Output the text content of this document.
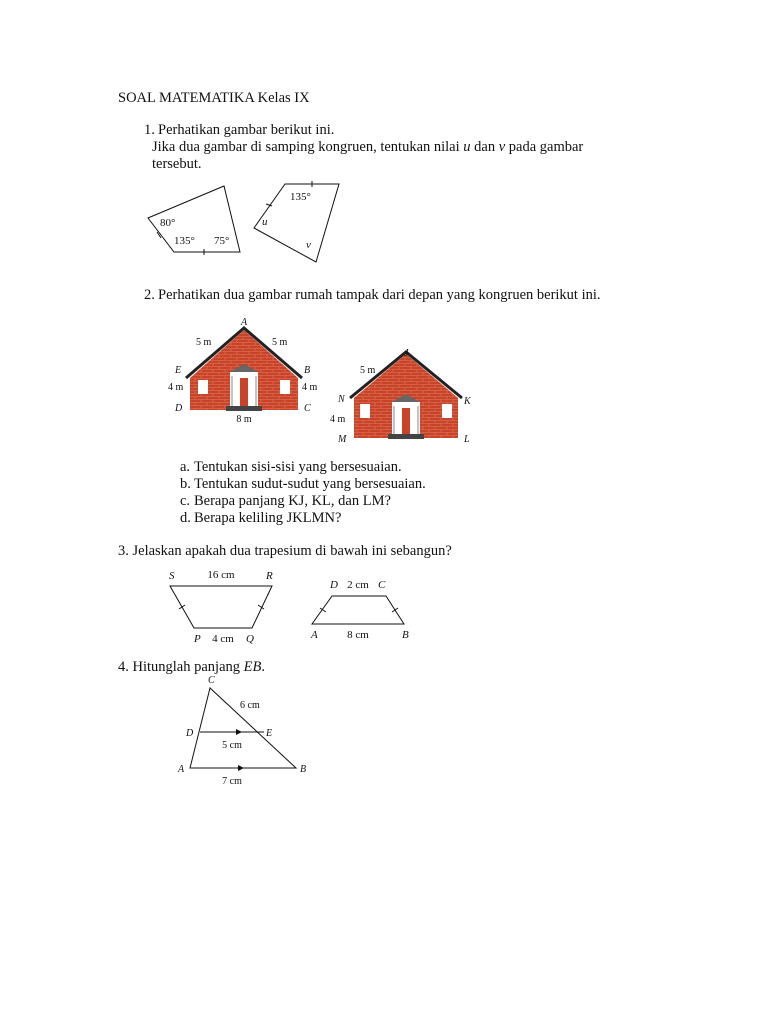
SOAL MATEMATIKA Kelas IX
1. Perhatikan gambar berikut ini.
Jika dua gambar di samping kongruen, tentukan nilai u dan v pada gambar
tersebut.
80°
135° 75°
135°
u
v
2. Perhatikan dua gambar rumah tampak dari depan yang kongruen berikut ini.
A
5 m	5 m
E	B
4 m	4 m
D	C
8 m
J
5 m
N	K
4 m
M	L
a. Tentukan sisi-sisi yang bersesuaian.
b. Tentukan sudut-sudut yang bersesuaian.
c. Berapa panjang KJ, KL, dan LM?
d. Berapa keliling JKLMN?
3. Jelaskan apakah dua trapesium di bawah ini sebangun?
S	16 cm	R
P 4 cm Q
D 2 cm C
A	8 cm	B
4. Hitunglah panjang EB.
C
6 cm
D	E
5 cm
A	B
7 cm
